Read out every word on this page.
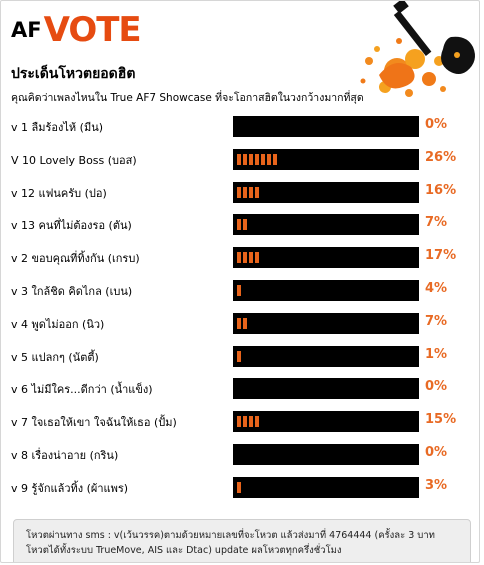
AF VOTE
ประเด็นโหวตยอดฮิต
คุณคิดว่าเพลงไหนใน True AF7 Showcase ที่จะโอกาสฮิตในวงกว้างมากที่สุด
v 1 ลืมร้องไห้ (มีน)	0%
V 10 Lovely Boss (บอส)	26%
v 12 แฟนครับ (ปอ)	16%
v 13 คนที่ไม่ต้องรอ (ตัน)	7%
v 2 ขอบคุณที่ทิ้งกัน (เกรบ)	17%
v 3 ใกล้ชิด คิดไกล (เบน)	4%
v 4 พูดไม่ออก (นิว)	7%
v 5 แปลกๆ (นัตตี้)	1%
v 6 ไม่มีใคร...ดีกว่า (น้ำแข็ง)	0%
v 7 ใจเธอให้เขา ใจฉันให้เธอ (ปั้ม)	15%
v 8 เรื่องน่าอาย (กริน)	0%
v 9 รู้จักแล้วทิ้ง (ผ้าแพร)	3%
โหวตผ่านทาง sms : v(เว้นวรรค)ตามด้วยหมายเลขที่จะโหวต แล้วส่งมาที่ 4764444 (ครั้งละ 3 บาท
โหวตได้ทั้งระบบ TrueMove, AIS และ Dtac) update ผลโหวตทุกครึ่งชั่วโมง
